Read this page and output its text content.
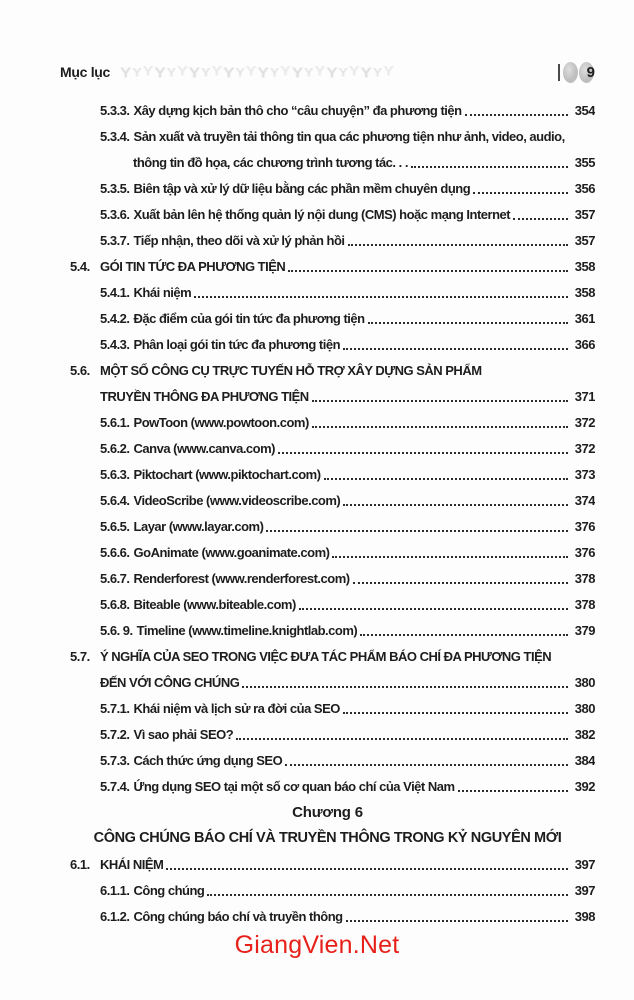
Mục lục Y Y Y Y Y Y Y Y Y Y Y Y Y Y Y Y Y Y Y Y Y Y Y Y	9
5.3.3. Xây dựng kịch bản thô cho “câu chuyện” đa phương tiện	354
5.3.4. Sản xuất và truyền tải thông tin qua các phương tiện như ảnh, video, audio,
thông tin đồ họa, các chương trình tương tác. . .	355
5.3.5. Biên tập và xử lý dữ liệu bằng các phần mềm chuyên dụng	356
5.3.6. Xuất bản lên hệ thống quản lý nội dung (CMS) hoặc mạng Internet	357
5.3.7. Tiếp nhận, theo dõi và xử lý phản hồi	357
5.4. GÓI TIN TỨC ĐA PHƯƠNG TIỆN	358
5.4.1. Khái niệm	358
5.4.2. Đặc điểm của gói tin tức đa phương tiện	361
5.4.3. Phân loại gói tin tức đa phương tiện	366
5.6. MỘT SỐ CÔNG CỤ TRỰC TUYẾN HỖ TRỢ XÂY DỰNG SẢN PHẨM
TRUYỀN THÔNG ĐA PHƯƠNG TIỆN	371
5.6.1. PowToon (www.powtoon.com)	372
5.6.2. Canva (www.canva.com)	372
5.6.3. Piktochart (www.piktochart.com)	373
5.6.4. VideoScribe (www.videoscribe.com)	374
5.6.5. Layar (www.layar.com)	376
5.6.6. GoAnimate (www.goanimate.com)	376
5.6.7. Renderforest (www.renderforest.com)	378
5.6.8. Biteable (www.biteable.com)	378
5.6. 9. Timeline (www.timeline.knightlab.com)	379
5.7. Ý NGHĨA CỦA SEO TRONG VIỆC ĐƯA TÁC PHẨM BÁO CHÍ ĐA PHƯƠNG TIỆN
ĐẾN VỚI CÔNG CHÚNG	380
5.7.1. Khái niệm và lịch sử ra đời của SEO	380
5.7.2. Vì sao phải SEO?	382
5.7.3. Cách thức ứng dụng SEO	384
5.7.4. Ứng dụng SEO tại một số cơ quan báo chí của Việt Nam	392
Chương 6
CÔNG CHÚNG BÁO CHÍ VÀ TRUYỀN THÔNG TRONG KỶ NGUYÊN MỚI
6.1. KHÁI NIỆM	397
6.1.1. Công chúng	397
6.1.2. Công chúng báo chí và truyền thông	398
GiangVien.Net
